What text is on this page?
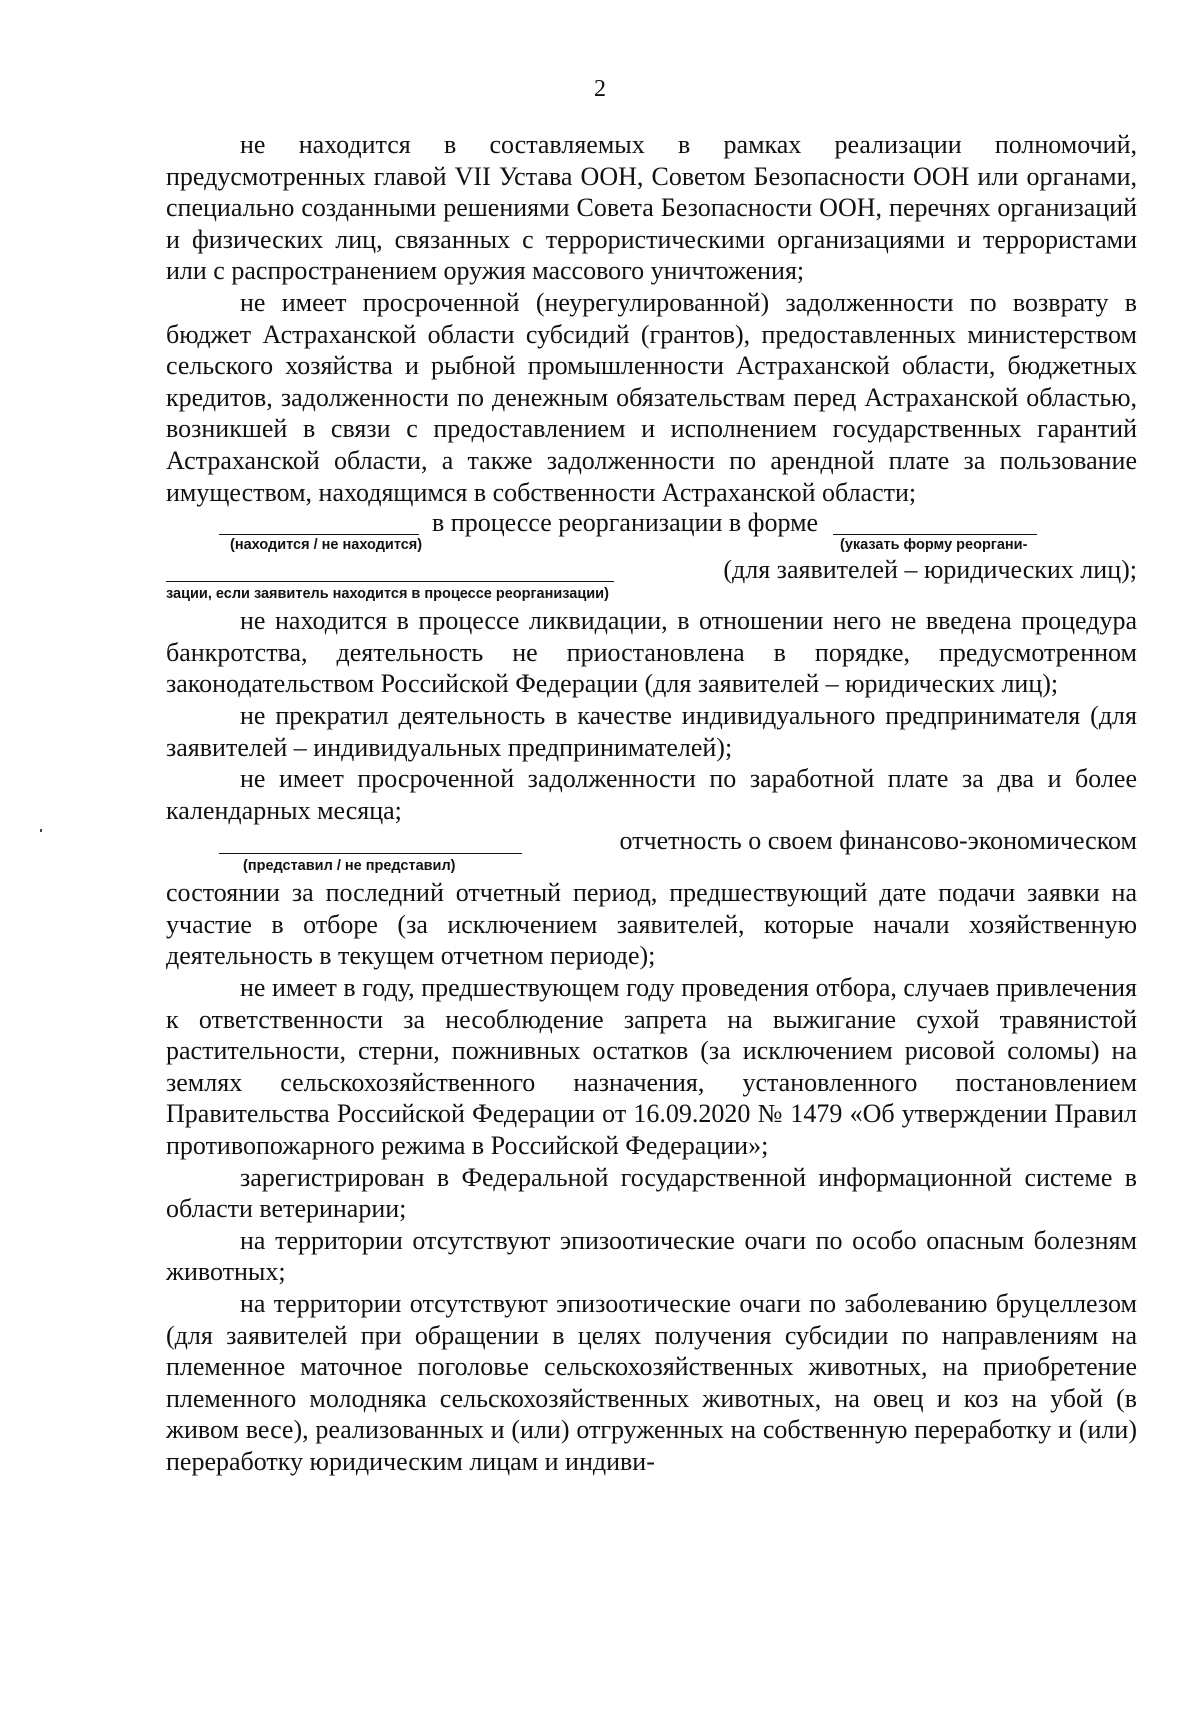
2

не находится в составляемых в рамках реализации полномочий, предусмотренных главой VII Устава ООН, Советом Безопасности ООН или органами, специально созданными решениями Совета Безопасности ООН, перечнях организаций и физических лиц, связанных с террористическими организациями и террористами или с распространением оружия массового уничтожения;

не имеет просроченной (неурегулированной) задолженности по возврату в бюджет Астраханской области субсидий (грантов), предоставленных министерством сельского хозяйства и рыбной промышленности Астраханской области, бюджетных кредитов, задолженности по денежным обязательствам перед Астраханской областью, возникшей в связи с предоставлением и исполнением государственных гарантий Астраханской области, а также задолженности по арендной плате за пользование имуществом, находящимся в собственности Астраханской области;

в процессе реорганизации в форме
(находится / не находится)	(указать форму реоргани-
(для заявителей – юридических лиц);
зации, если заявитель находится в процессе реорганизации)

не находится в процессе ликвидации, в отношении него не введена процедура банкротства, деятельность не приостановлена в порядке, предусмотренном законодательством Российской Федерации (для заявителей – юридических лиц);

не прекратил деятельность в качестве индивидуального предпринимателя (для заявителей – индивидуальных предпринимателей);

не имеет просроченной задолженности по заработной плате за два и более календарных месяца;

отчетность о своем финансово-экономическом
(представил / не представил)

состоянии за последний отчетный период, предшествующий дате подачи заявки на участие в отборе (за исключением заявителей, которые начали хозяйственную деятельность в текущем отчетном периоде);

не имеет в году, предшествующем году проведения отбора, случаев привлечения к ответственности за несоблюдение запрета на выжигание сухой травянистой растительности, стерни, пожнивных остатков (за исключением рисовой соломы) на землях сельскохозяйственного назначения, установленного постановлением Правительства Российской Федерации от 16.09.2020 № 1479 «Об утверждении Правил противопожарного режима в Российской Федерации»;

зарегистрирован в Федеральной государственной информационной системе в области ветеринарии;

на территории отсутствуют эпизоотические очаги по особо опасным болезням животных;

на территории отсутствуют эпизоотические очаги по заболеванию бруцеллезом (для заявителей при обращении в целях получения субсидии по направлениям на племенное маточное поголовье сельскохозяйственных животных, на приобретение племенного молодняка сельскохозяйственных животных, на овец и коз на убой (в живом весе), реализованных и (или) отгруженных на собственную переработку и (или) переработку юридическим лицам и индиви-
